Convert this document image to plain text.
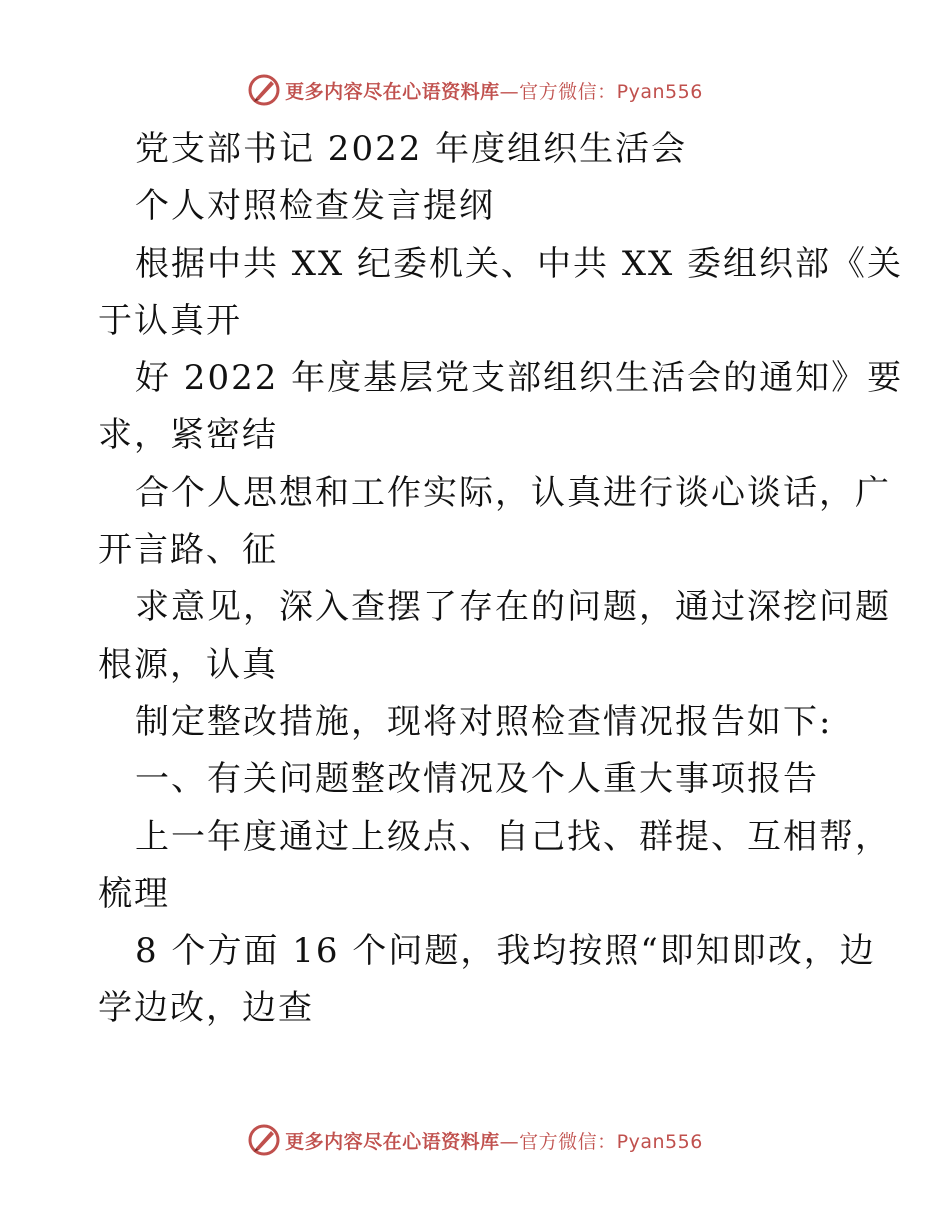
更多内容尽在心语资料库—官方微信：Pyan556
党支部书记 2022 年度组织生活会
个人对照检查发言提纲
根据中共 XX 纪委机关、中共 XX 委组织部《关
于认真开
好 2022 年度基层党支部组织生活会的通知》要
求，紧密结
合个人思想和工作实际，认真进行谈心谈话，广
开言路、征
求意见，深入查摆了存在的问题，通过深挖问题
根源，认真
制定整改措施，现将对照检查情况报告如下:
一、有关问题整改情况及个人重大事项报告
上一年度通过上级点、自己找、群提、互相帮，
梳理
8 个方面 16 个问题，我均按照“即知即改，边
学边改，边查
更多内容尽在心语资料库—官方微信：Pyan556
